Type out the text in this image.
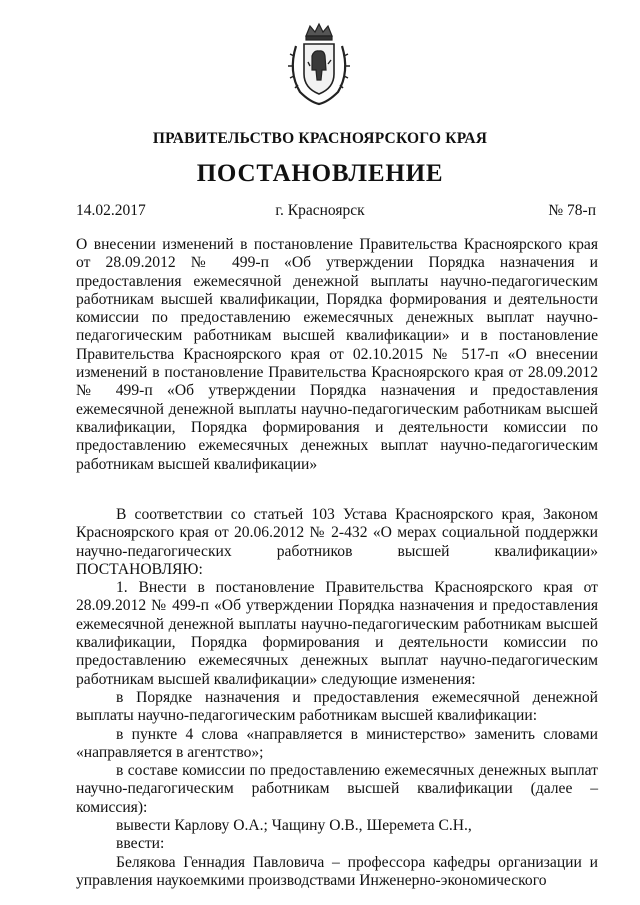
ПРАВИТЕЛЬСТВО КРАСНОЯРСКОГО КРАЯ
ПОСТАНОВЛЕНИЕ
14.02.2017	г. Красноярск	№ 78-п
О внесении изменений в постановление Правительства Красноярского края от 28.09.2012 № 499-п «Об утверждении Порядка назначения и предоставления ежемесячной денежной выплаты научно-педагогическим работникам высшей квалификации, Порядка формирования и деятельности комиссии по предоставлению ежемесячных денежных выплат научно-педагогическим работникам высшей квалификации» и в постановление Правительства Красноярского края от 02.10.2015 № 517-п «О внесении изменений в постановление Правительства Красноярского края от 28.09.2012 № 499-п «Об утверждении Порядка назначения и предоставления ежемесячной денежной выплаты научно-педагогическим работникам высшей квалификации, Порядка формирования и деятельности комиссии по предоставлению ежемесячных денежных выплат научно-педагогическим работникам высшей квалификации»

В соответствии со статьей 103 Устава Красноярского края, Законом Красноярского края от 20.06.2012 № 2-432 «О мерах социальной поддержки научно-педагогических работников высшей квалификации» ПОСТАНОВЛЯЮ:

1. Внести в постановление Правительства Красноярского края от 28.09.2012 № 499-п «Об утверждении Порядка назначения и предоставления ежемесячной денежной выплаты научно-педагогическим работникам высшей квалификации, Порядка формирования и деятельности комиссии по предоставлению ежемесячных денежных выплат научно-педагогическим работникам высшей квалификации» следующие изменения:

в Порядке назначения и предоставления ежемесячной денежной выплаты научно-педагогическим работникам высшей квалификации:

в пункте 4 слова «направляется в министерство» заменить словами «направляется в агентство»;

в составе комиссии по предоставлению ежемесячных денежных выплат научно-педагогическим работникам высшей квалификации (далее – комиссия):

вывести Карлову О.А.; Чащину О.В., Шеремета С.Н.,

ввести:

Белякова Геннадия Павловича – профессора кафедры организации и управления наукоемкими производствами Инженерно-экономического
